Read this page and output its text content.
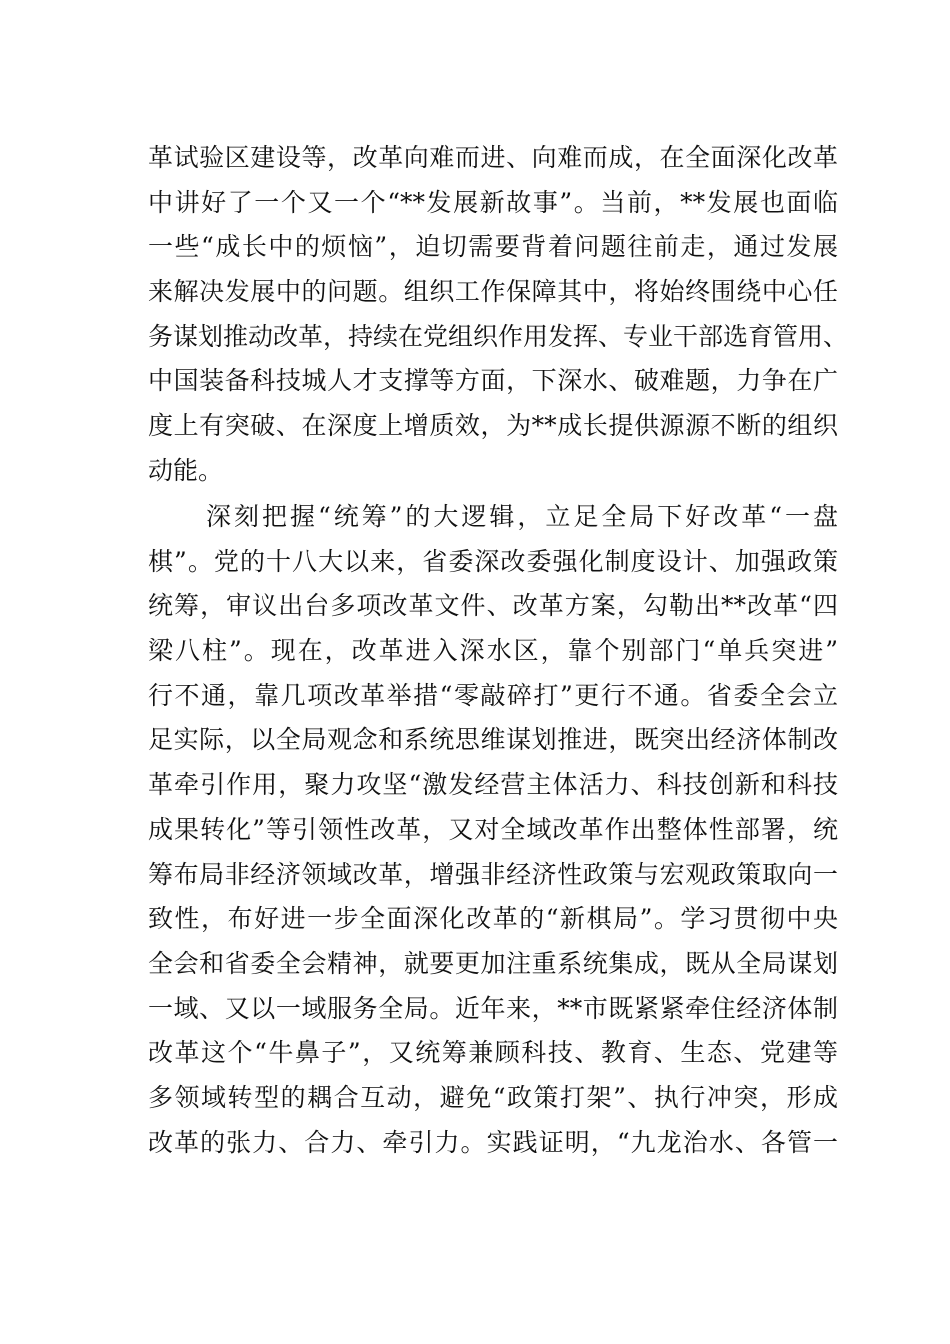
革试验区建设等，改革向难而进、向难而成，在全面深化改革
中讲好了一个又一个“**发展新故事”。当前，**发展也面临
一些“成长中的烦恼”，迫切需要背着问题往前走，通过发展
来解决发展中的问题。组织工作保障其中，将始终围绕中心任
务谋划推动改革，持续在党组织作用发挥、专业干部选育管用、
中国装备科技城人才支撑等方面，下深水、破难题，力争在广
度上有突破、在深度上增质效，为**成长提供源源不断的组织
动能。
深刻把握“统筹”的大逻辑，立足全局下好改革“一盘
棋”。党的十八大以来，省委深改委强化制度设计、加强政策
统筹，审议出台多项改革文件、改革方案，勾勒出**改革“四
梁八柱”。现在，改革进入深水区，靠个别部门“单兵突进”
行不通，靠几项改革举措“零敲碎打”更行不通。省委全会立
足实际，以全局观念和系统思维谋划推进，既突出经济体制改
革牵引作用，聚力攻坚“激发经营主体活力、科技创新和科技
成果转化”等引领性改革，又对全域改革作出整体性部署，统
筹布局非经济领域改革，增强非经济性政策与宏观政策取向一
致性，布好进一步全面深化改革的“新棋局”。学习贯彻中央
全会和省委全会精神，就要更加注重系统集成，既从全局谋划
一域、又以一域服务全局。近年来，**市既紧紧牵住经济体制
改革这个“牛鼻子”，又统筹兼顾科技、教育、生态、党建等
多领域转型的耦合互动，避免“政策打架”、执行冲突，形成
改革的张力、合力、牵引力。实践证明，“九龙治水、各管一
